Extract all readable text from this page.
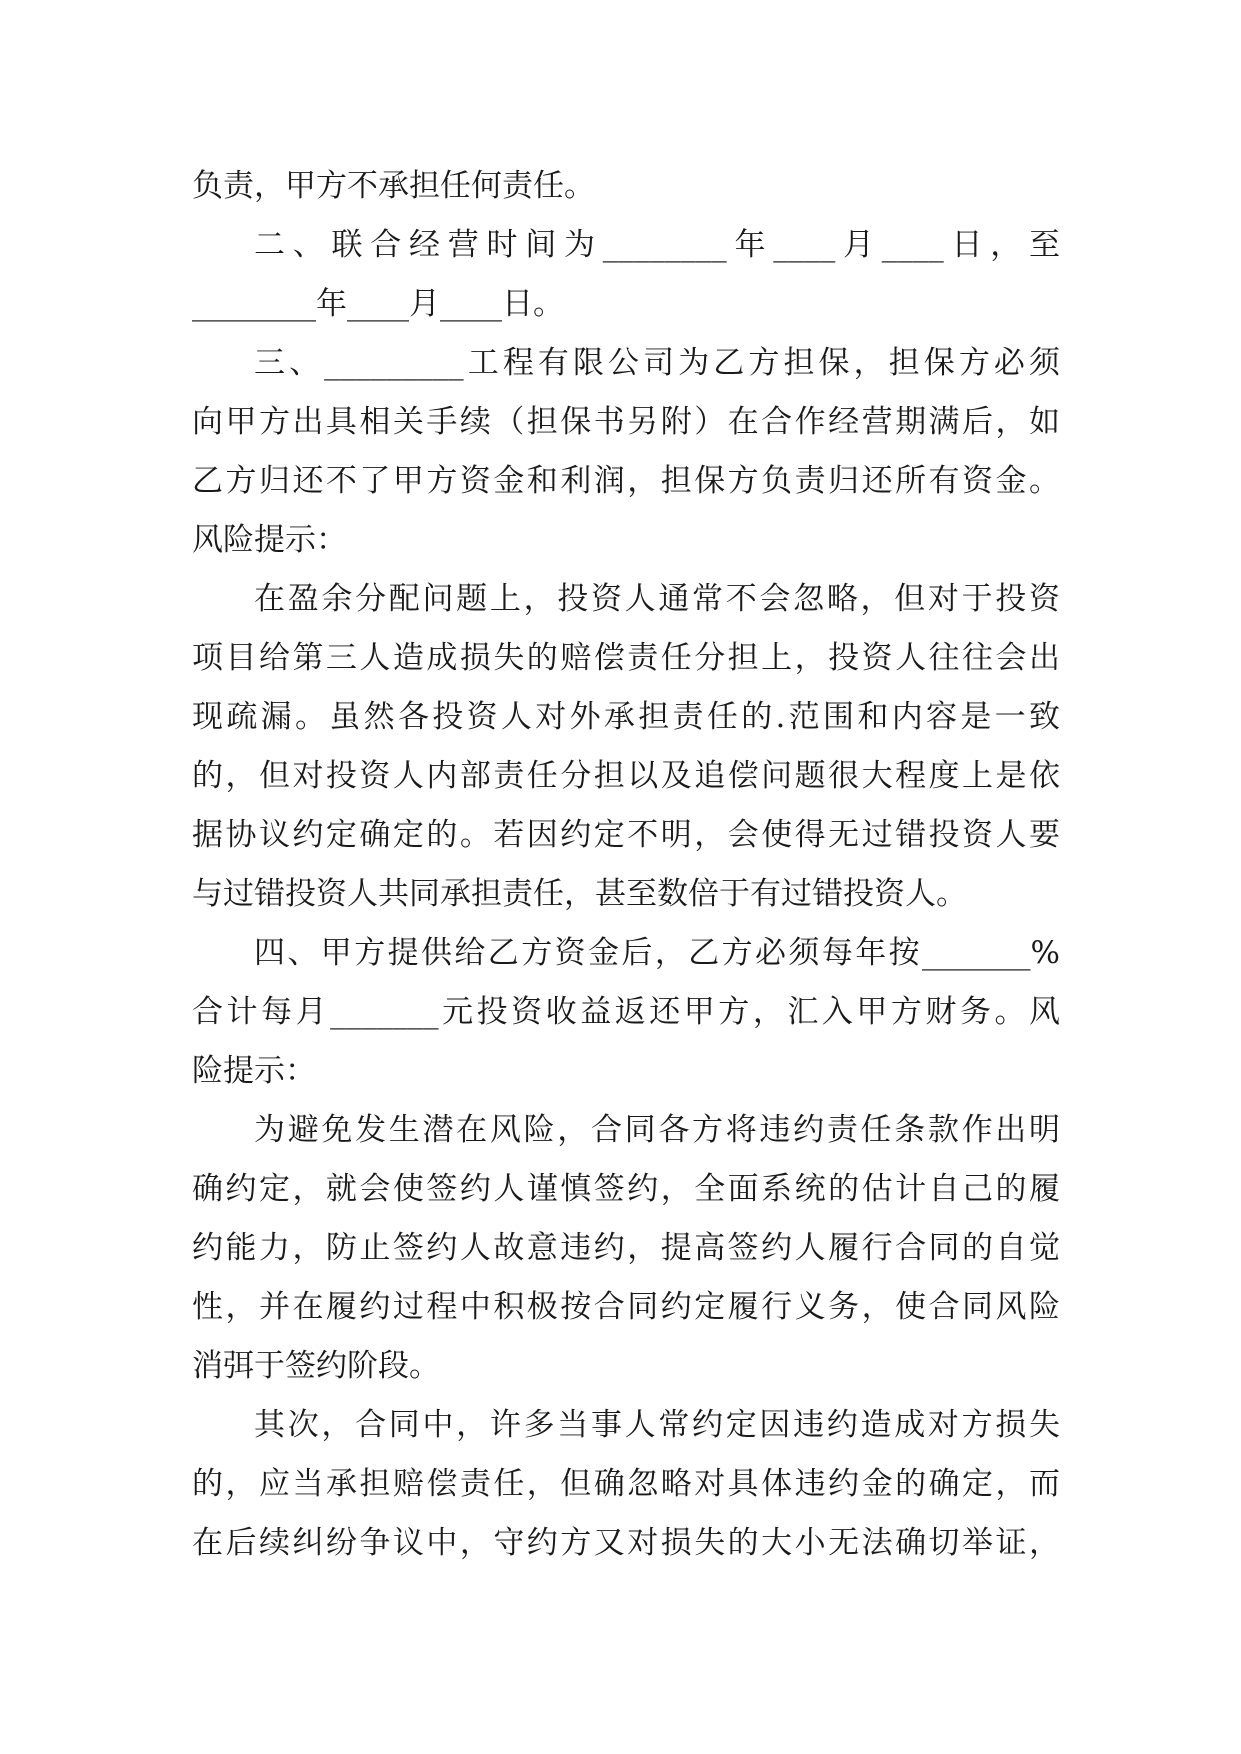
负责，甲方不承担任何责任。
二、联合经营时间为________年____月____日，至
________年____月____日。
三、_________工程有限公司为乙方担保，担保方必须
向甲方出具相关手续（担保书另附）在合作经营期满后，如
乙方归还不了甲方资金和利润，担保方负责归还所有资金。
风险提示：
在盈余分配问题上，投资人通常不会忽略，但对于投资
项目给第三人造成损失的赔偿责任分担上，投资人往往会出
现疏漏。虽然各投资人对外承担责任的.范围和内容是一致
的，但对投资人内部责任分担以及追偿问题很大程度上是依
据协议约定确定的。若因约定不明，会使得无过错投资人要
与过错投资人共同承担责任，甚至数倍于有过错投资人。
四、甲方提供给乙方资金后，乙方必须每年按_______%
合计每月_______元投资收益返还甲方，汇入甲方财务。风
险提示：
为避免发生潜在风险，合同各方将违约责任条款作出明
确约定，就会使签约人谨慎签约，全面系统的估计自己的履
约能力，防止签约人故意违约，提高签约人履行合同的自觉
性，并在履约过程中积极按合同约定履行义务，使合同风险
消弭于签约阶段。
其次，合同中，许多当事人常约定因违约造成对方损失
的，应当承担赔偿责任，但确忽略对具体违约金的确定，而
在后续纠纷争议中，守约方又对损失的大小无法确切举证，
